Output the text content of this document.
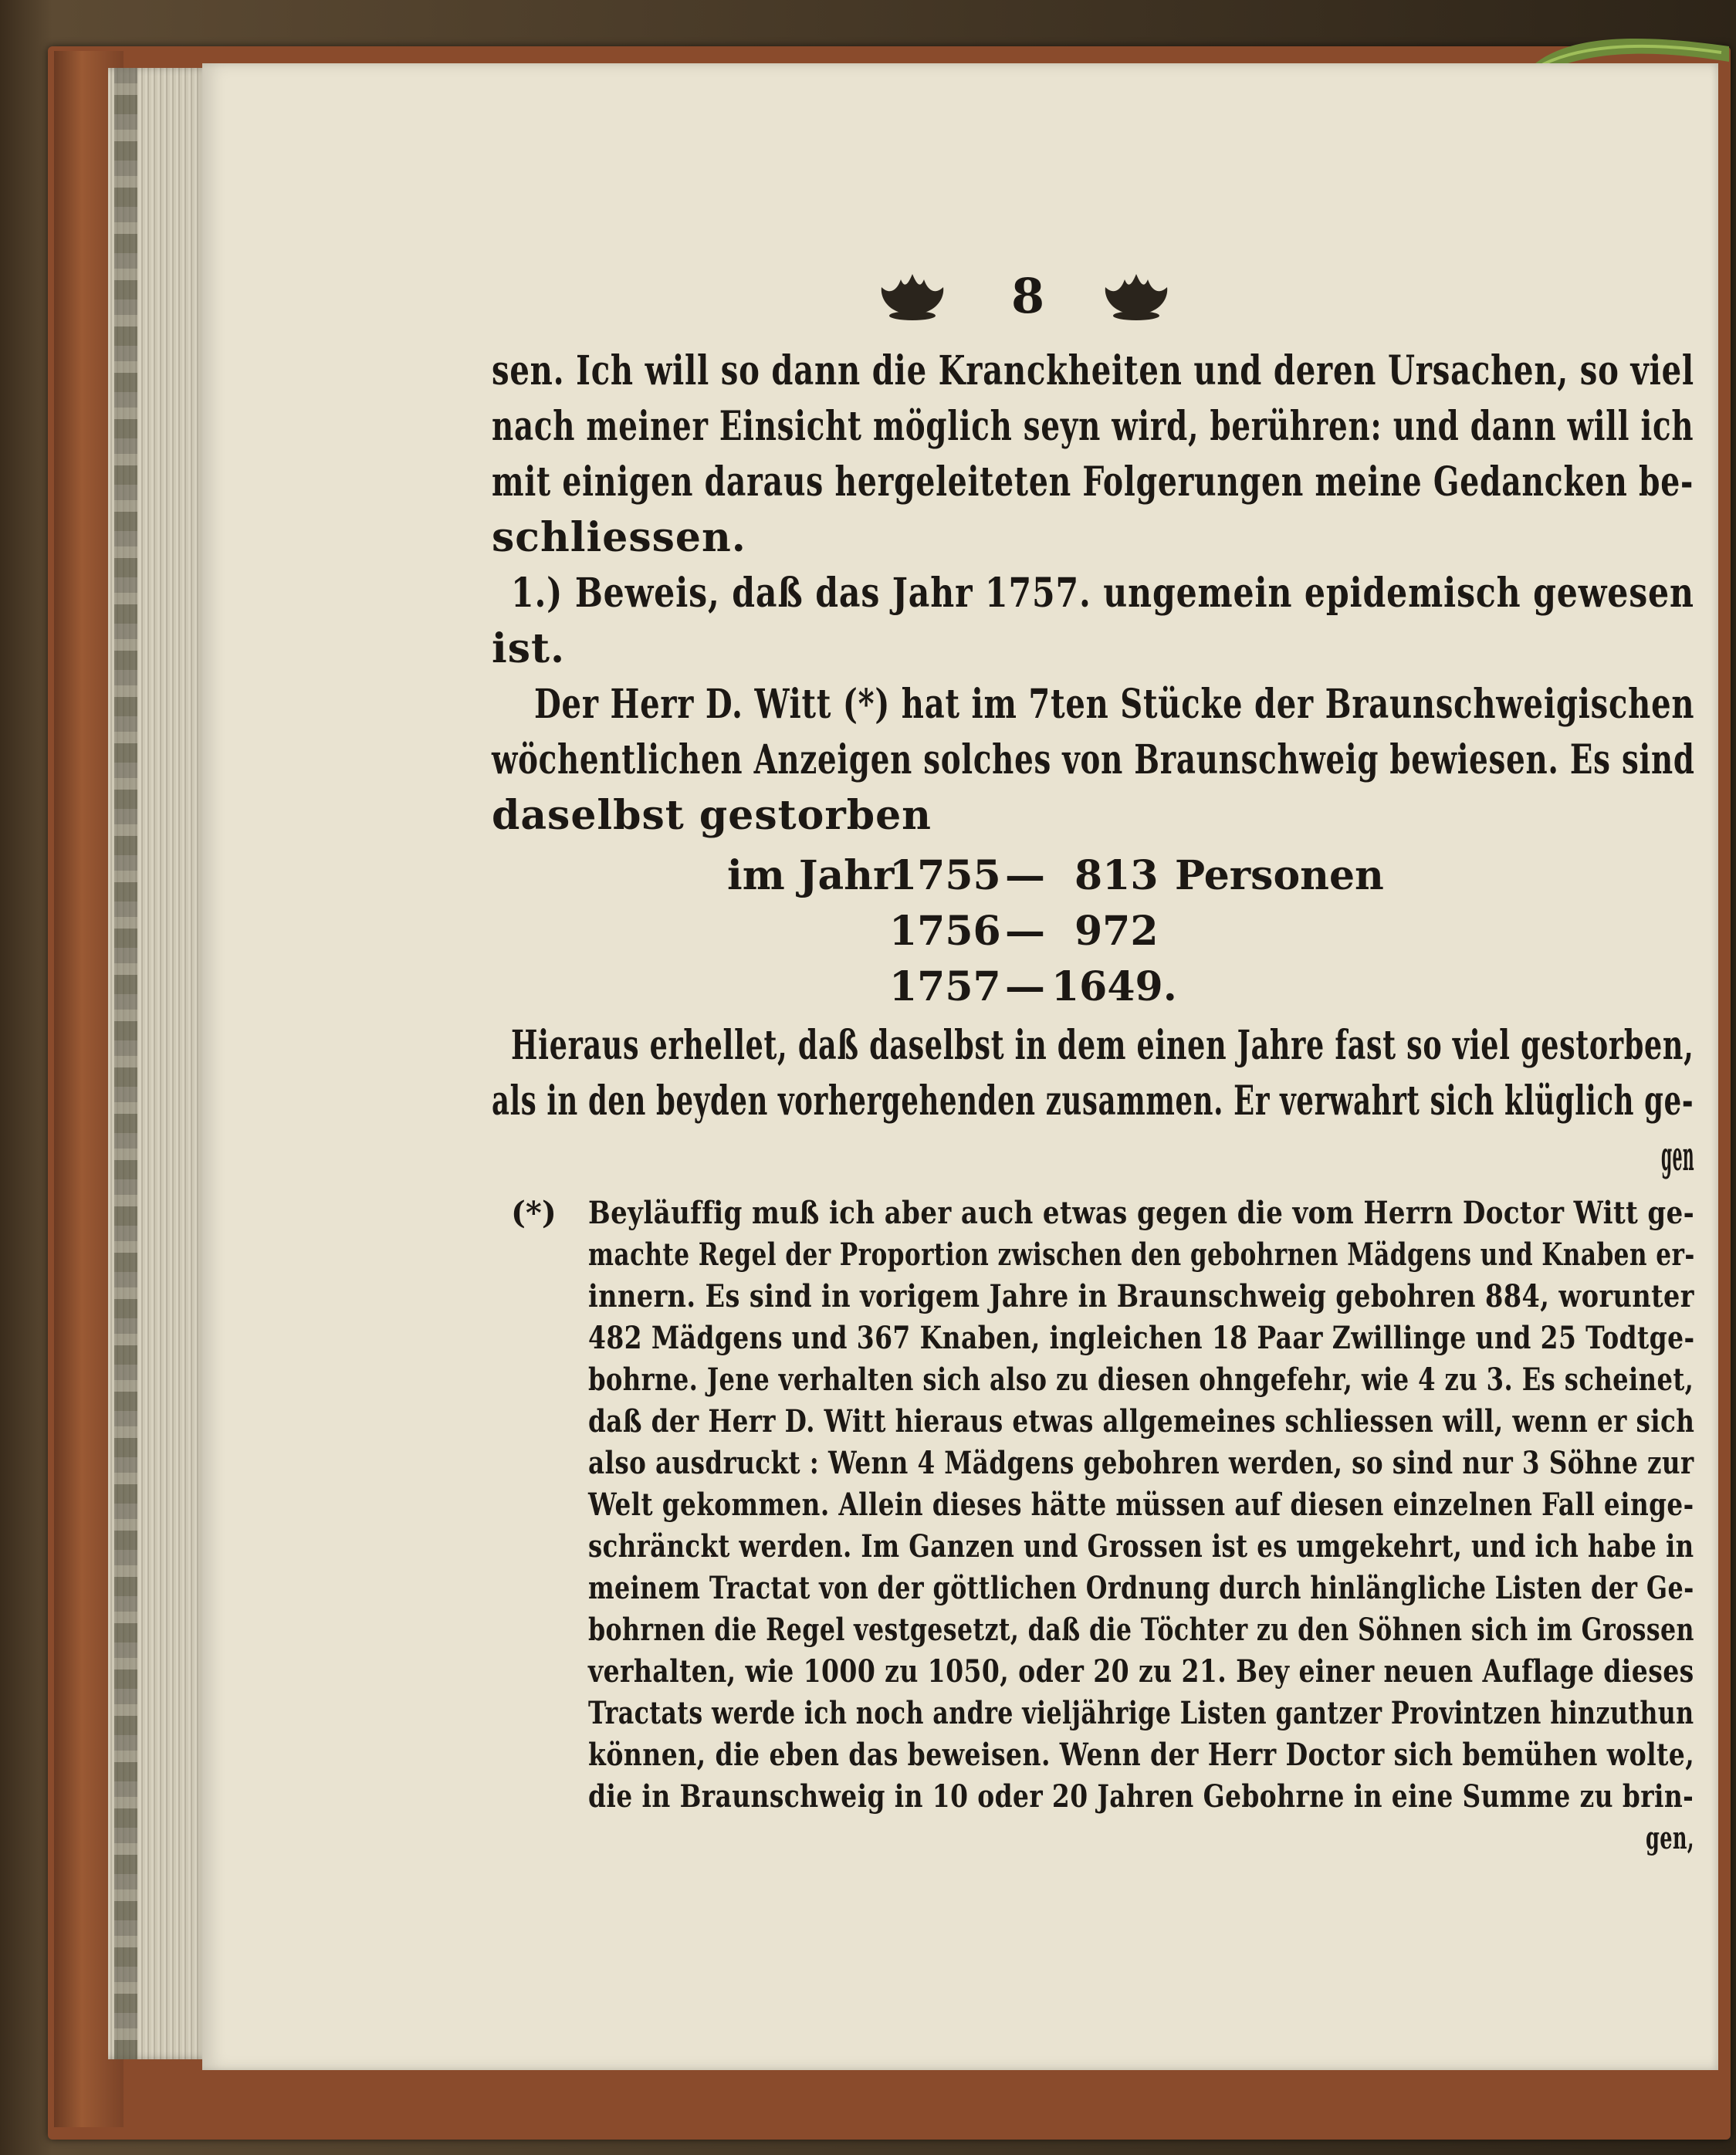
8
sen. Ich will so dann die Kranckheiten und deren Ursachen, so viel
nach meiner Einsicht möglich seyn wird, berühren: und dann will ich
mit einigen daraus hergeleiteten Folgerungen meine Gedancken be-
schliessen.
1.) Beweis, daß das Jahr 1757. ungemein epidemisch gewesen
ist.
Der Herr D. Witt (*) hat im 7ten Stücke der Braunschweigischen
wöchentlichen Anzeigen solches von Braunschweig bewiesen. Es sind
daselbst gestorben
im Jahr
1755 — 813 Personen
1756 — 972
1757 — 1649.
Hieraus erhellet, daß daselbst in dem einen Jahre fast so viel gestorben,
als in den beyden vorhergehenden zusammen. Er verwahrt sich klüglich ge-
gen
(*) Beyläuffig muß ich aber auch etwas gegen die vom Herrn Doctor Witt ge-
machte Regel der Proportion zwischen den gebohrnen Mädgens und Knaben er-
innern. Es sind in vorigem Jahre in Braunschweig gebohren 884, worunter
482 Mädgens und 367 Knaben, ingleichen 18 Paar Zwillinge und 25 Todtge-
bohrne. Jene verhalten sich also zu diesen ohngefehr, wie 4 zu 3. Es scheinet,
daß der Herr D. Witt hieraus etwas allgemeines schliessen will, wenn er sich
also ausdruckt : Wenn 4 Mädgens gebohren werden, so sind nur 3 Söhne zur
Welt gekommen. Allein dieses hätte müssen auf diesen einzelnen Fall einge-
schränckt werden. Im Ganzen und Grossen ist es umgekehrt, und ich habe in
meinem Tractat von der göttlichen Ordnung durch hinlängliche Listen der Ge-
bohrnen die Regel vestgesetzt, daß die Töchter zu den Söhnen sich im Grossen
verhalten, wie 1000 zu 1050, oder 20 zu 21. Bey einer neuen Auflage dieses
Tractats werde ich noch andre vieljährige Listen gantzer Provintzen hinzuthun
können, die eben das beweisen. Wenn der Herr Doctor sich bemühen wolte,
die in Braunschweig in 10 oder 20 Jahren Gebohrne in eine Summe zu brin-
gen,
